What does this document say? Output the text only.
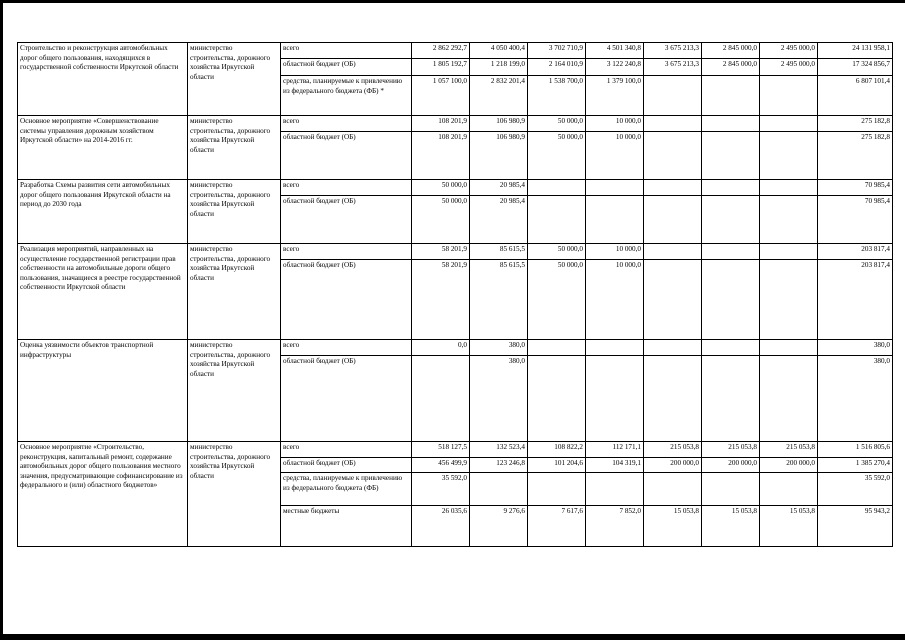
Строительство и реконструкция автомобильных дорог общего пользования, находящихся в государственной собственности Иркутской области	министерство строительства, дорожного хозяйства Иркутской области	всего	2 862 292,7	4 050 400,4	3 702 710,9	4 501 340,8	3 675 213,3	2 845 000,0	2 495 000,0	24 131 958,1
		областной бюджет (ОБ)	1 805 192,7	1 218 199,0	2 164 010,9	3 122 240,8	3 675 213,3	2 845 000,0	2 495 000,0	17 324 856,7
		средства, планируемые к привлечению из федерального бюджета (ФБ) *	1 057 100,0	2 832 201,4	1 538 700,0	1 379 100,0				6 807 101,4
Основное мероприятие «Совершенствование системы управления дорожным хозяйством Иркутской области» на 2014-2016 гг.	министерство строительства, дорожного хозяйства Иркутской области	всего	108 201,9	106 980,9	50 000,0	10 000,0				275 182,8
		областной бюджет (ОБ)	108 201,9	106 980,9	50 000,0	10 000,0				275 182,8
Разработка Схемы развития сети автомобильных дорог общего пользования Иркутской области на период до 2030 года	министерство строительства, дорожного хозяйства Иркутской области	всего	50 000,0	20 985,4						70 985,4
		областной бюджет (ОБ)	50 000,0	20 985,4						70 985,4
Реализация мероприятий, направленных на осуществление государственной регистрации прав собственности на автомобильные дороги общего пользования, значащиеся в реестре государственной собственности Иркутской области	министерство строительства, дорожного хозяйства Иркутской области	всего	58 201,9	85 615,5	50 000,0	10 000,0				203 817,4
		областной бюджет (ОБ)	58 201,9	85 615,5	50 000,0	10 000,0				203 817,4
Оценка уязвимости объектов транспортной инфраструктуры	министерство строительства, дорожного хозяйства Иркутской области	всего	0,0	380,0						380,0
		областной бюджет (ОБ)		380,0						380,0
Основное мероприятие «Строительство, реконструкция, капитальный ремонт, содержание автомобильных дорог общего пользования местного значения, предусматривающие софинансирование из федерального и (или) областного бюджетов»	министерство строительства, дорожного хозяйства Иркутской области	всего	518 127,5	132 523,4	108 822,2	112 171,1	215 053,8	215 053,8	215 053,8	1 516 805,6
		областной бюджет (ОБ)	456 499,9	123 246,8	101 204,6	104 319,1	200 000,0	200 000,0	200 000,0	1 385 270,4
		средства, планируемые к привлечению из федерального бюджета (ФБ)	35 592,0							35 592,0
		местные бюджеты	26 035,6	9 276,6	7 617,6	7 852,0	15 053,8	15 053,8	15 053,8	95 943,2
